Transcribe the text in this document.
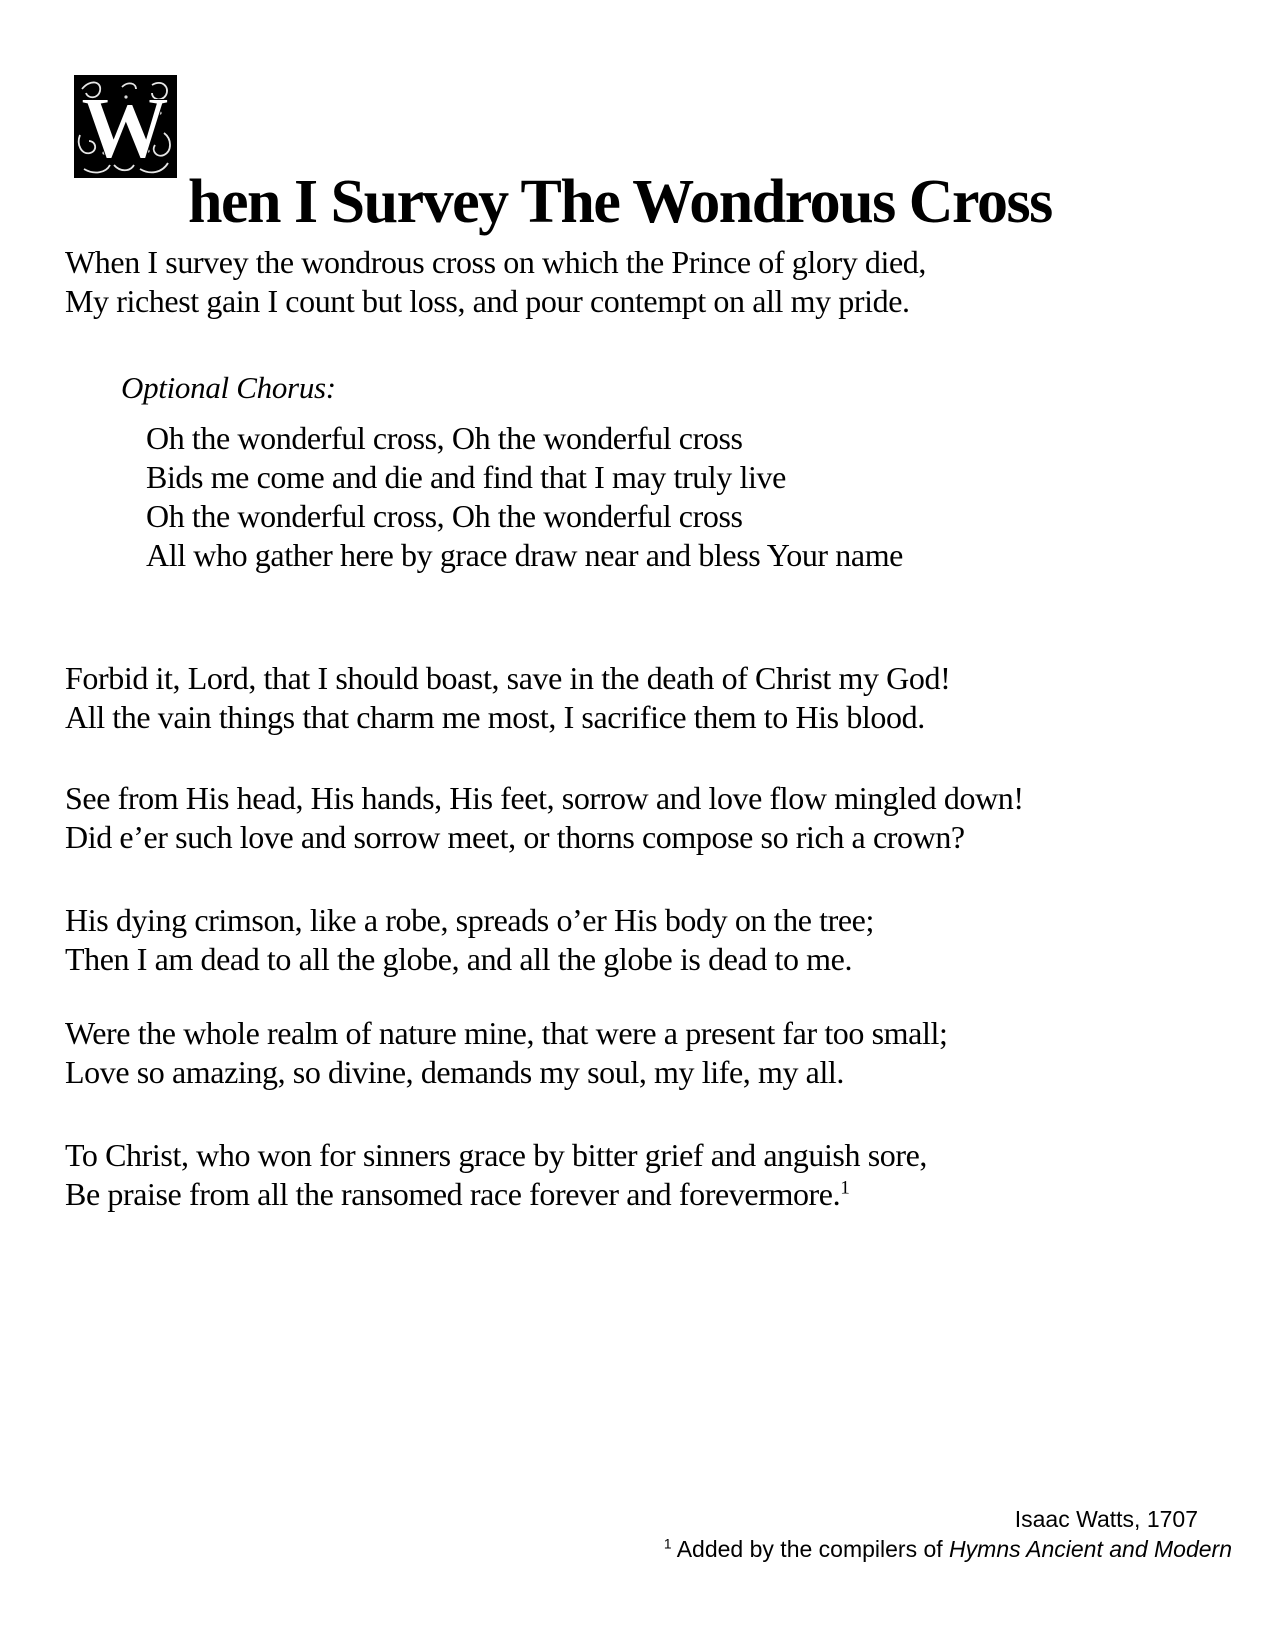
W
hen I Survey The Wondrous Cross
When I survey the wondrous cross on which the Prince of glory died,
My richest gain I count but loss, and pour contempt on all my pride.
Optional Chorus:
Oh the wonderful cross, Oh the wonderful cross
Bids me come and die and find that I may truly live
Oh the wonderful cross, Oh the wonderful cross
All who gather here by grace draw near and bless Your name
Forbid it, Lord, that I should boast, save in the death of Christ my God!
All the vain things that charm me most, I sacrifice them to His blood.
See from His head, His hands, His feet, sorrow and love flow mingled down!
Did e’er such love and sorrow meet, or thorns compose so rich a crown?
His dying crimson, like a robe, spreads o’er His body on the tree;
Then I am dead to all the globe, and all the globe is dead to me.
Were the whole realm of nature mine, that were a present far too small;
Love so amazing, so divine, demands my soul, my life, my all.
To Christ, who won for sinners grace by bitter grief and anguish sore,
Be praise from all the ransomed race forever and forevermore.$^1$
Isaac Watts, 1707
$^1$ Added by the compilers of Hymns Ancient and Modern
